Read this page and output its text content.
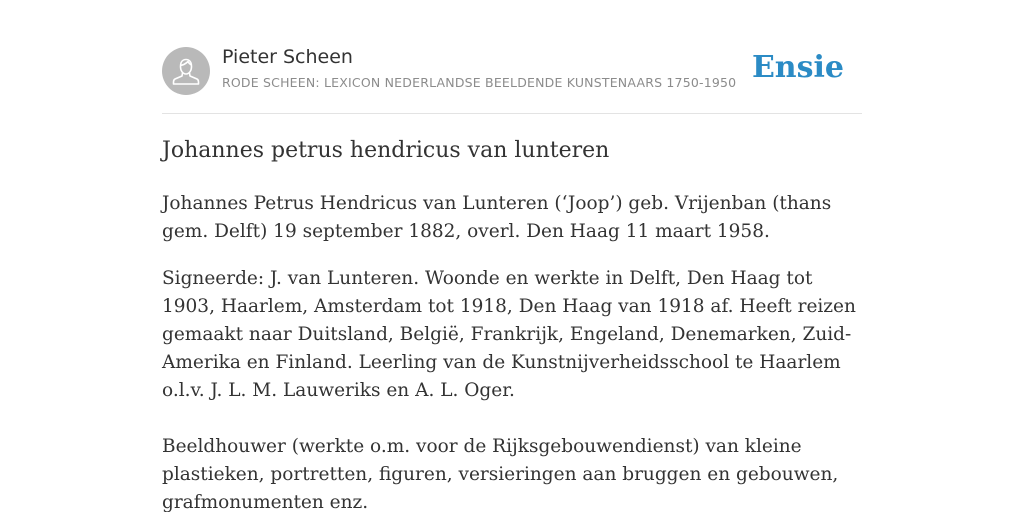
Pieter Scheen
RODE SCHEEN: LEXICON NEDERLANDSE BEELDENDE KUNSTENAARS 1750-1950 Ensie
Johannes petrus hendricus van lunteren

Johannes Petrus Hendricus van Lunteren (‘Joop’) geb. Vrijenban (thans gem. Delft) 19 september 1882, overl. Den Haag 11 maart 1958.

Signeerde: J. van Lunteren. Woonde en werkte in Delft, Den Haag tot 1903, Haarlem, Amsterdam tot 1918, Den Haag van 1918 af. Heeft reizen gemaakt naar Duitsland, België, Frankrijk, Engeland, Denemarken, Zuid-Amerika en Finland. Leerling van de Kunstnijverheidsschool te Haarlem o.l.v. J. L. M. Lauweriks en A. L. Oger.

Beeldhouwer (werkte o.m. voor de Rijksgebouwendienst) van kleine plastieken, portretten, figuren, versieringen aan bruggen en gebouwen, grafmonumenten enz.
